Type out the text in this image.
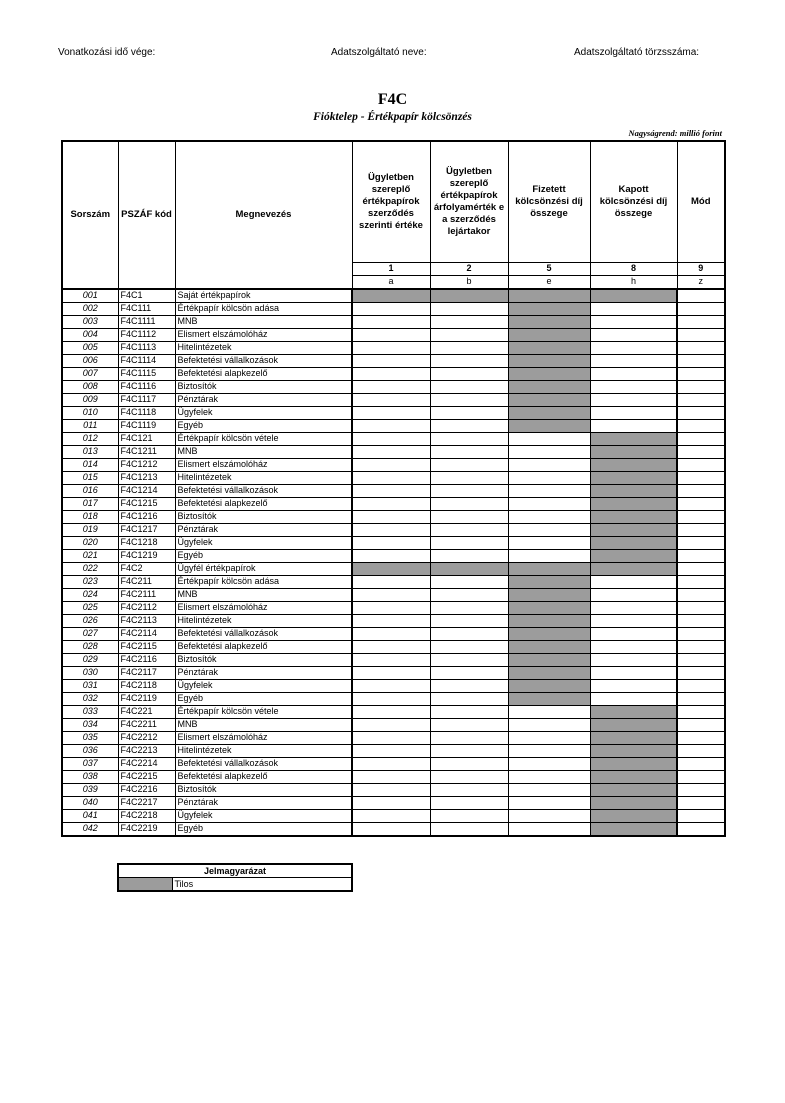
Vonatkozási idő vége:	Adatszolgáltató neve:	Adatszolgáltató törzsszáma:
F4C
Fióktelep - Értékpapír kölcsönzés
Nagyságrend: millió forint
Sorszám	PSZÁF kód	Megnevezés	Ügyletben szereplő értékpapírok szerződés szerinti értéke	Ügyletben szereplő értékpapírok árfolyamérték e a szerződés lejártakor	Fizetett kölcsönzési díj összege	Kapott kölcsönzési díj összege	Mód
			1	2	5	8	9
			a	b	e	h	z
001	F4C1	Saját értékpapírok					
002	F4C111	Értékpapír kölcsön adása					
003	F4C1111	MNB					
004	F4C1112	Elismert elszámolóház					
005	F4C1113	Hitelintézetek					
006	F4C1114	Befektetési vállalkozások					
007	F4C1115	Befektetési alapkezelő					
008	F4C1116	Biztosítók					
009	F4C1117	Pénztárak					
010	F4C1118	Ügyfelek					
011	F4C1119	Egyéb					
012	F4C121	Értékpapír kölcsön vétele					
013	F4C1211	MNB					
014	F4C1212	Elismert elszámolóház					
015	F4C1213	Hitelintézetek					
016	F4C1214	Befektetési vállalkozások					
017	F4C1215	Befektetési alapkezelő					
018	F4C1216	Biztosítók					
019	F4C1217	Pénztárak					
020	F4C1218	Ügyfelek					
021	F4C1219	Egyéb					
022	F4C2	Ügyfél értékpapírok					
023	F4C211	Értékpapír kölcsön adása					
024	F4C2111	MNB					
025	F4C2112	Elismert elszámolóház					
026	F4C2113	Hitelintézetek					
027	F4C2114	Befektetési vállalkozások					
028	F4C2115	Befektetési alapkezelő					
029	F4C2116	Biztosítók					
030	F4C2117	Pénztárak					
031	F4C2118	Ügyfelek					
032	F4C2119	Egyéb					
033	F4C221	Értékpapír kölcsön vétele					
034	F4C2211	MNB					
035	F4C2212	Elismert elszámolóház					
036	F4C2213	Hitelintézetek					
037	F4C2214	Befektetési vállalkozások					
038	F4C2215	Befektetési alapkezelő					
039	F4C2216	Biztosítók					
040	F4C2217	Pénztárak					
041	F4C2218	Ügyfelek					
042	F4C2219	Egyéb					
Jelmagyarázat
	Tilos
